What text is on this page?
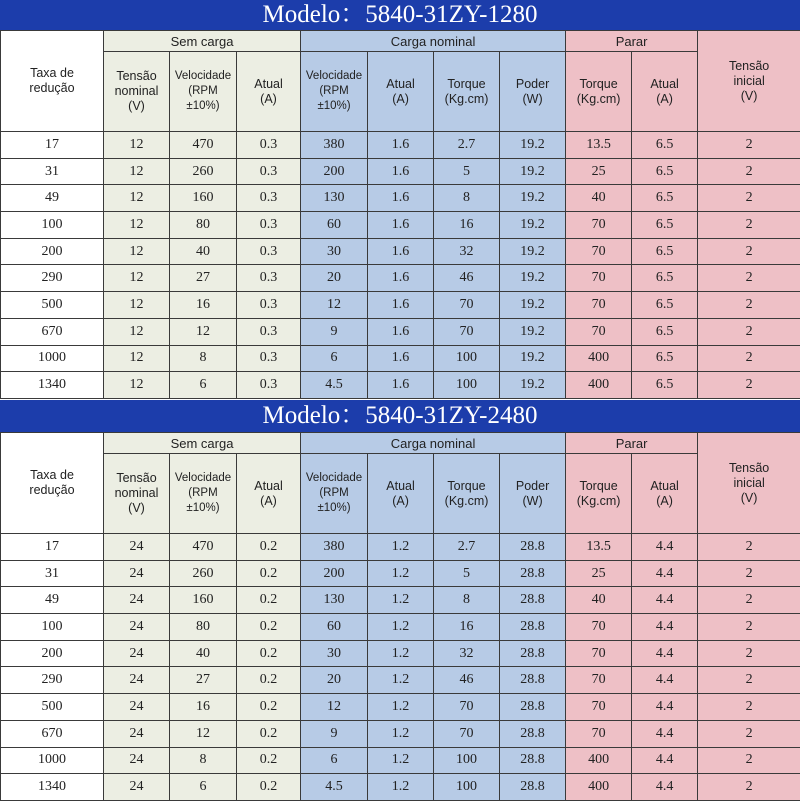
Modelo：5840-31ZY-1280
Taxa de
redução	Sem carga			Carga nominal				Parar		Tensão
inicial
(V)
	Tensão
nominal
(V)	Velocidade
(RPM
±10%)	Atual
(A)	Velocidade
(RPM
±10%)	Atual
(A)	Torque
(Kg.cm)	Poder
(W)	Torque
(Kg.cm)	Atual
(A)	
17	12	470	0.3	380	1.6	2.7	19.2	13.5	6.5	2
31	12	260	0.3	200	1.6	5	19.2	25	6.5	2
49	12	160	0.3	130	1.6	8	19.2	40	6.5	2
100	12	80	0.3	60	1.6	16	19.2	70	6.5	2
200	12	40	0.3	30	1.6	32	19.2	70	6.5	2
290	12	27	0.3	20	1.6	46	19.2	70	6.5	2
500	12	16	0.3	12	1.6	70	19.2	70	6.5	2
670	12	12	0.3	9	1.6	70	19.2	70	6.5	2
1000	12	8	0.3	6	1.6	100	19.2	400	6.5	2
1340	12	6	0.3	4.5	1.6	100	19.2	400	6.5	2
Modelo：5840-31ZY-2480
Taxa de
redução	Sem carga			Carga nominal				Parar		Tensão
inicial
(V)
	Tensão
nominal
(V)	Velocidade
(RPM
±10%)	Atual
(A)	Velocidade
(RPM
±10%)	Atual
(A)	Torque
(Kg.cm)	Poder
(W)	Torque
(Kg.cm)	Atual
(A)	
17	24	470	0.2	380	1.2	2.7	28.8	13.5	4.4	2
31	24	260	0.2	200	1.2	5	28.8	25	4.4	2
49	24	160	0.2	130	1.2	8	28.8	40	4.4	2
100	24	80	0.2	60	1.2	16	28.8	70	4.4	2
200	24	40	0.2	30	1.2	32	28.8	70	4.4	2
290	24	27	0.2	20	1.2	46	28.8	70	4.4	2
500	24	16	0.2	12	1.2	70	28.8	70	4.4	2
670	24	12	0.2	9	1.2	70	28.8	70	4.4	2
1000	24	8	0.2	6	1.2	100	28.8	400	4.4	2
1340	24	6	0.2	4.5	1.2	100	28.8	400	4.4	2
